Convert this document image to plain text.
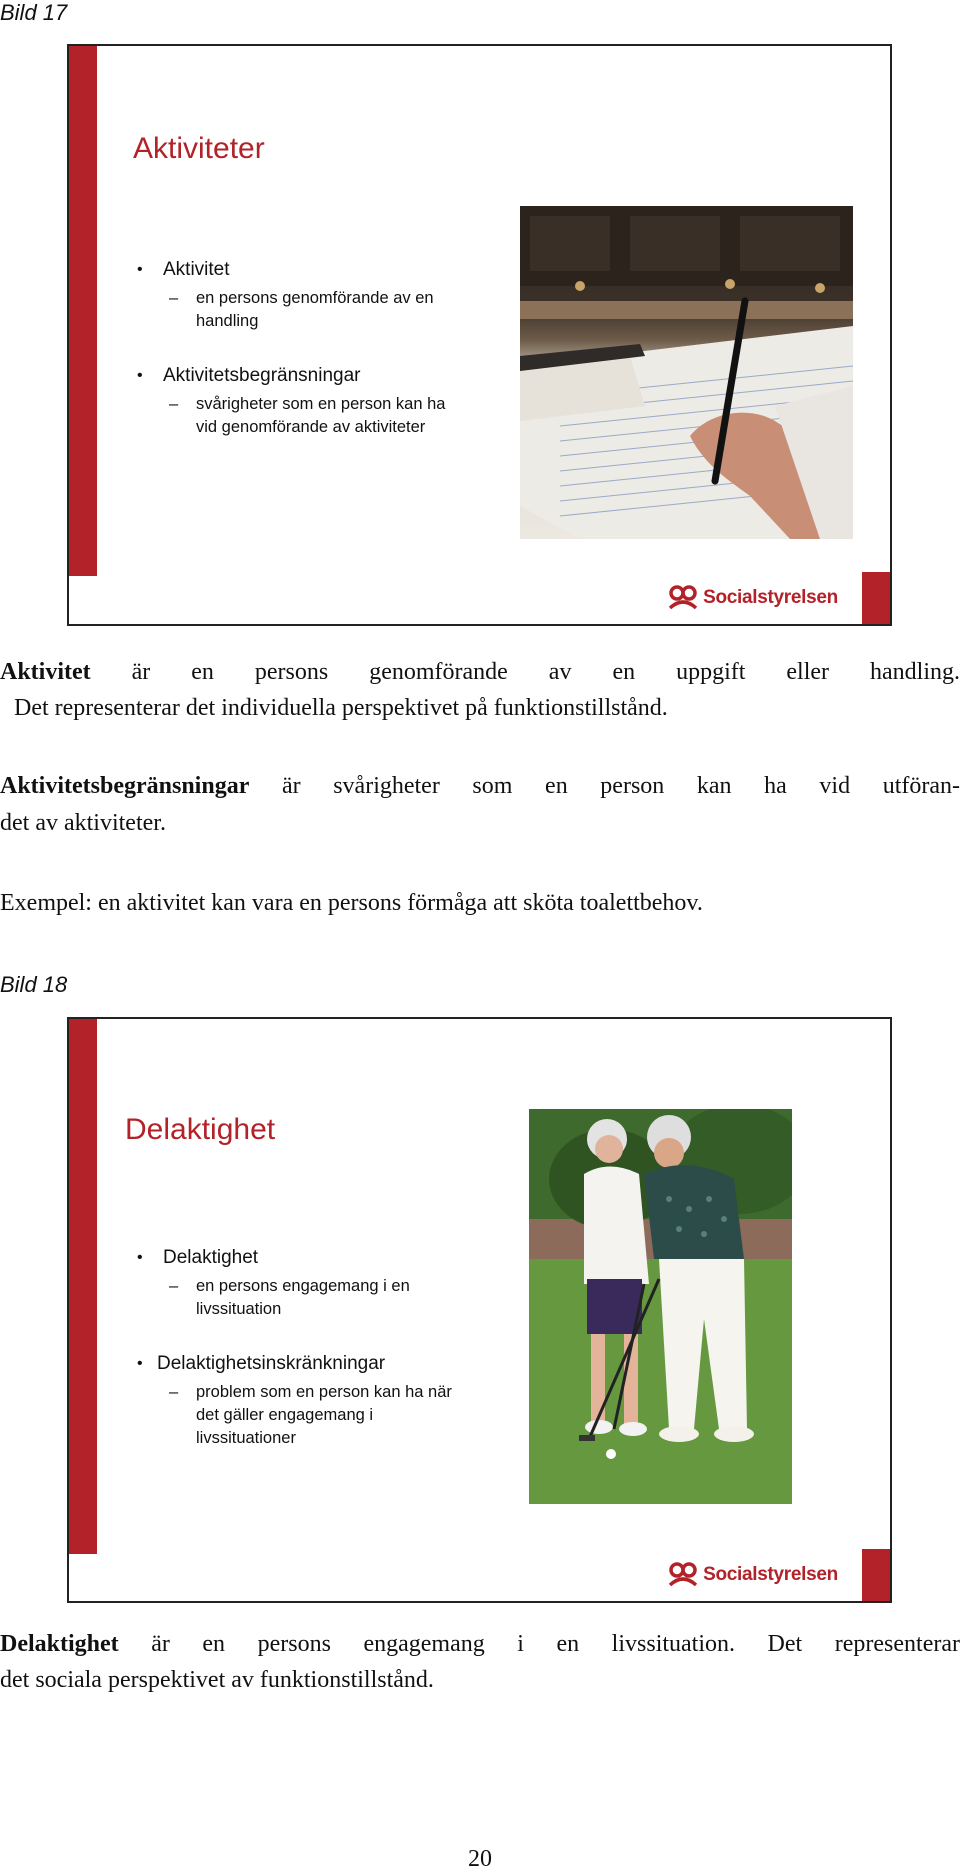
Bild 17
Aktiviteter
• Aktivitet
– en persons genomförande av en
handling
• Aktivitetsbegränsningar
– svårigheter som en person kan ha
vid genomförande av aktiviteter
Socialstyrelsen
Aktivitet är en persons genomförande av en uppgift eller handling.
Det representerar det individuella perspektivet på funktionstillstånd.
Aktivitetsbegränsningar är svårigheter som en person kan ha vid utföran-
det av aktiviteter.
Exempel: en aktivitet kan vara en persons förmåga att sköta toalettbehov.
Bild 18
Delaktighet
• Delaktighet
– en persons engagemang i en
livssituation
• Delaktighetsinskränkningar
– problem som en person kan ha när
det gäller engagemang i
livssituationer
Socialstyrelsen
Delaktighet är en persons engagemang i en livssituation. Det representerar
det sociala perspektivet av funktionstillstånd.
20
